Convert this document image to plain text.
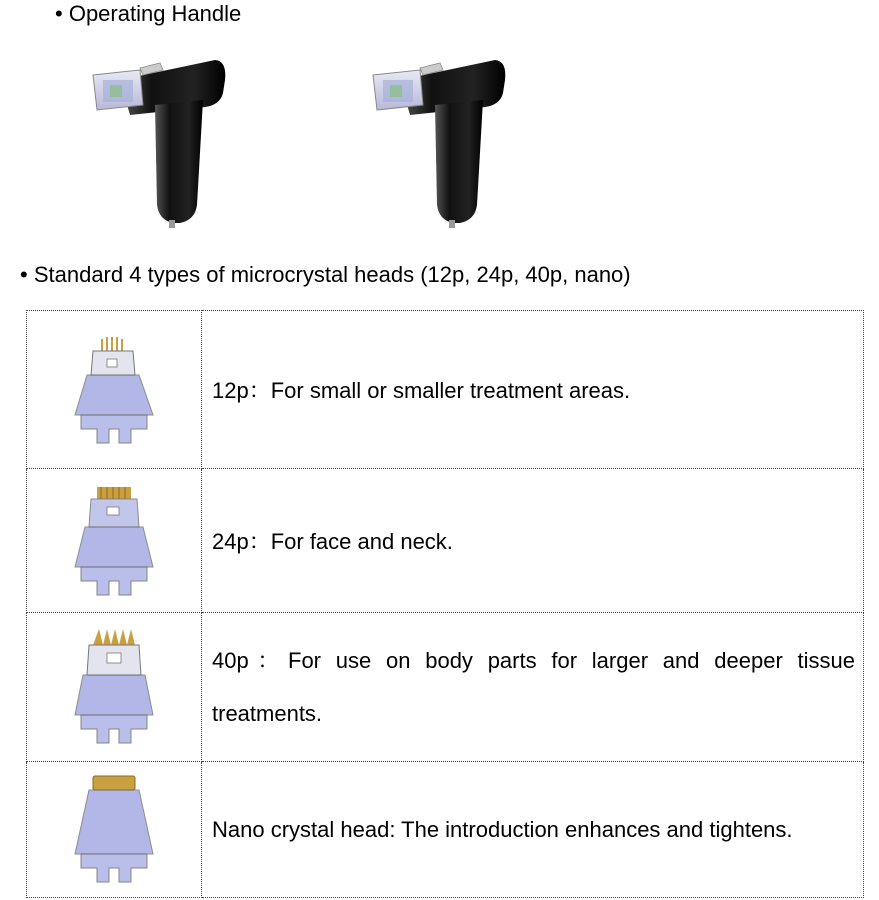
• Operating Handle
• Standard 4 types of microcrystal heads (12p, 24p, 40p, nano)
	12p：For small or smaller treatment areas.

	24p：For face and neck.

40p：For use on body parts for larger and deeper tissue
treatments.

	Nano crystal head: The introduction enhances and tightens.
